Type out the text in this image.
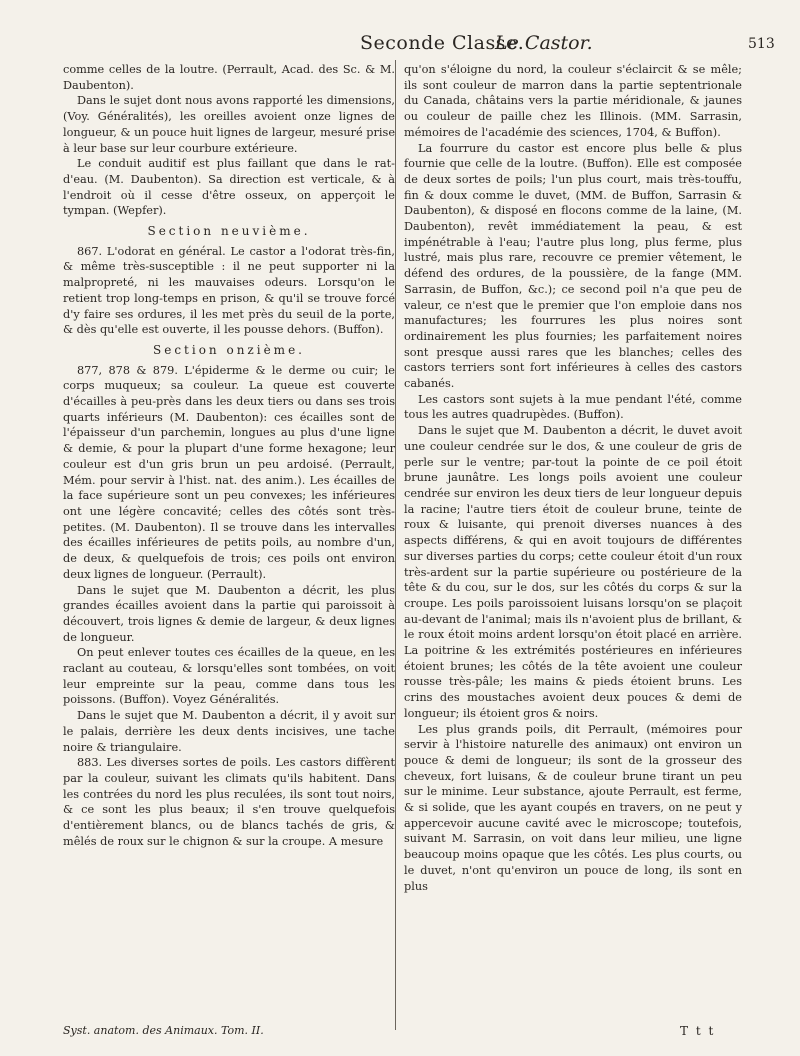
Seconde Classe.
Le Castor.	513

comme celles de la loutre. (Perrault, Acad. des Sc. & M. Daubenton).

Dans le sujet dont nous avons rapporté les dimensions, (Voy. Généralités), les oreilles avoient onze lignes de longueur, & un pouce huit lignes de largeur, mesuré prise à leur base sur leur courbure extérieure.

Le conduit auditif est plus faillant que dans le rat-d'eau. (M. Daubenton). Sa direction est verticale, & à l'endroit où il cesse d'être osseux, on apperçoit le tympan. (Wepfer).

Section neuvième.

867. L'odorat en général. Le castor a l'odorat très-fin, & même très-susceptible : il ne peut supporter ni la malpropreté, ni les mauvaises odeurs. Lorsqu'on le retient trop long-temps en prison, & qu'il se trouve forcé d'y faire ses ordures, il les met près du seuil de la porte, & dès qu'elle est ouverte, il les pousse dehors. (Buffon).

Section onzième.

877, 878 & 879. L'épiderme & le derme ou cuir; le corps muqueux; sa couleur. La queue est couverte d'écailles à peu-près dans les deux tiers ou dans ses trois quarts inférieurs (M. Daubenton): ces écailles sont de l'épaisseur d'un parchemin, longues au plus d'une ligne & demie, & pour la plupart d'une forme hexagone; leur couleur est d'un gris brun un peu ardoisé. (Perrault, Mém. pour servir à l'hist. nat. des anim.). Les écailles de la face supérieure sont un peu convexes; les inférieures ont une légère concavité; celles des côtés sont très-petites. (M. Daubenton). Il se trouve dans les intervalles des écailles inférieures de petits poils, au nombre d'un, de deux, & quelquefois de trois; ces poils ont environ deux lignes de longueur. (Perrault).

Dans le sujet que M. Daubenton a décrit, les plus grandes écailles avoient dans la partie qui paroissoit à découvert, trois lignes & demie de largeur, & deux lignes de longueur.

On peut enlever toutes ces écailles de la queue, en les raclant au couteau, & lorsqu'elles sont tombées, on voit leur empreinte sur la peau, comme dans tous les poissons. (Buffon). Voyez Généralités.

Dans le sujet que M. Daubenton a décrit, il y avoit sur le palais, derrière les deux dents incisives, une tache noire & triangulaire.

883. Les diverses sortes de poils. Les castors diffèrent par la couleur, suivant les climats qu'ils habitent. Dans les contrées du nord les plus reculées, ils sont tout noirs, & ce sont les plus beaux; il s'en trouve quelquefois d'entièrement blancs, ou de blancs tachés de gris, & mêlés de roux sur le chignon & sur la croupe. A mesure

qu'on s'éloigne du nord, la couleur s'éclaircit & se mêle; ils sont couleur de marron dans la partie septentrionale du Canada, châtains vers la partie méridionale, & jaunes ou couleur de paille chez les Illinois. (MM. Sarrasin, mémoires de l'académie des sciences, 1704, & Buffon).

La fourrure du castor est encore plus belle & plus fournie que celle de la loutre. (Buffon). Elle est composée de deux sortes de poils; l'un plus court, mais très-touffu, fin & doux comme le duvet, (MM. de Buffon, Sarrasin & Daubenton), & disposé en flocons comme de la laine, (M. Daubenton), revêt immédiatement la peau, & est impénétrable à l'eau; l'autre plus long, plus ferme, plus lustré, mais plus rare, recouvre ce premier vêtement, le défend des ordures, de la poussière, de la fange (MM. Sarrasin, de Buffon, &c.); ce second poil n'a que peu de valeur, ce n'est que le premier que l'on emploie dans nos manufactures; les fourrures les plus noires sont ordinairement les plus fournies; les parfaitement noires sont presque aussi rares que les blanches; celles des castors terriers sont fort inférieures à celles des castors cabanés.

Les castors sont sujets à la mue pendant l'été, comme tous les autres quadrupèdes. (Buffon).

Dans le sujet que M. Daubenton a décrit, le duvet avoit une couleur cendrée sur le dos, & une couleur de gris de perle sur le ventre; par-tout la pointe de ce poil étoit brune jaunâtre. Les longs poils avoient une couleur cendrée sur environ les deux tiers de leur longueur depuis la racine; l'autre tiers étoit de couleur brune, teinte de roux & luisante, qui prenoit diverses nuances à des aspects différens, & qui en avoit toujours de différentes sur diverses parties du corps; cette couleur étoit d'un roux très-ardent sur la partie supérieure ou postérieure de la tête & du cou, sur le dos, sur les côtés du corps & sur la croupe. Les poils paroissoient luisans lorsqu'on se plaçoit au-devant de l'animal; mais ils n'avoient plus de brillant, & le roux étoit moins ardent lorsqu'on étoit placé en arrière. La poitrine & les extrémités postérieures en inférieures étoient brunes; les côtés de la tête avoient une couleur rousse très-pâle; les mains & pieds étoient bruns. Les crins des moustaches avoient deux pouces & demi de longueur; ils étoient gros & noirs.

Les plus grands poils, dit Perrault, (mémoires pour servir à l'histoire naturelle des animaux) ont environ un pouce & demi de longueur; ils sont de la grosseur des cheveux, fort luisans, & de couleur brune tirant un peu sur le minime. Leur substance, ajoute Perrault, est ferme, & si solide, que les ayant coupés en travers, on ne peut y appercevoir aucune cavité avec le microscope; toutefois, suivant M. Sarrasin, on voit dans leur milieu, une ligne beaucoup moins opaque que les côtés. Les plus courts, ou le duvet, n'ont qu'environ un pouce de long, ils sont en plus

Syst. anatom. des Animaux. Tom. II.	T t t
